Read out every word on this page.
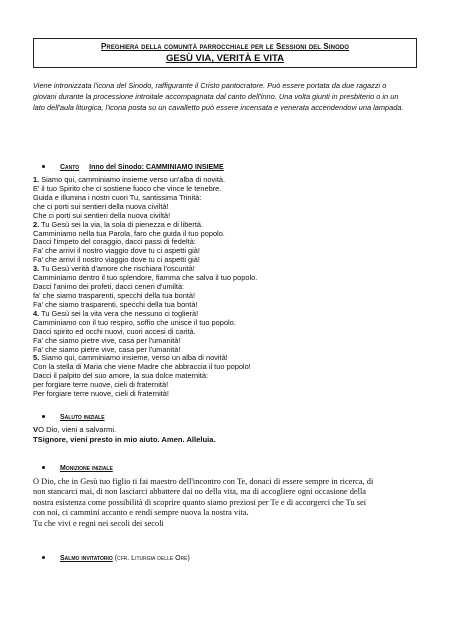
Preghiera della comunità parrocchiale per le Sessioni del Sinodo
GESÙ VIA, VERITÀ E VITA
Viene intronizzata l'icona del Sinodo, raffigurante il Cristo pantocratore. Può essere portata da due ragazzi o
giovani durante la processione introitale accompagnata dal canto dell'inno. Una volta giunti in presbiterio o in un
lato dell'aula liturgica, l'icona posta su un cavalletto può essere incensata e venerata accendendovi una lampada.
Canto Inno del Sinodo: CAMMINIAMO INSIEME
1. Siamo qui, camminiamo insieme verso un'alba di novità.
E' il tuo Spirito che ci sostiene fuoco che vince le tenebre.
Guida e illumina i nostri cuori Tu, santissima Trinità:
che ci porti sui sentieri della nuova civiltà!
Che ci porti sui sentieri della nuova civiltà!
2. Tu Gesù sei la via, la sola di pienezza e di libertà.
Camminiamo nella tua Parola, faro che guida il tuo popolo.
Dacci l'impeto del coraggio, dacci passi di fedeltà:
Fa' che arrivi il nostro viaggio dove tu ci aspetti già!
Fa' che arrivi il nostro viaggio dove tu ci aspetti già!
3. Tu Gesù verità d'amore che rischiara l'oscurità!
Camminiamo dentro il tuo splendore, fiamma che salva il tuo popolo.
Dacci l'animo dei profeti, dacci ceneri d'umiltà:
fa' che siamo trasparenti, specchi della tua bontà!
Fa' che siamo trasparenti, specchi della tua bontà!
4. Tu Gesù sei la vita vera che nessuno ci toglierà!
Camminiamo con il tuo respiro, soffio che unisce il tuo popolo.
Dacci spirito ed occhi nuovi, cuori accesi di carità.
Fa' che siamo pietre vive, casa per l'umanità!
Fa' che siamo pietre vive, casa per l'umanità!
5. Siamo qui, camminiamo insieme, verso un alba di novità!
Con la stella di Maria che viene Madre che abbraccia il tuo popolo!
Dacci il palpito del suo amore, la sua dolce maternità:
per forgiare terre nuove, cieli di fraternità!
Per forgiare terre nuove, cieli di fraternità!
Saluto iniziale
VO Dio, vieni a salvarmi.
TSignore, vieni presto in mio aiuto. Amen. Alleluia.
Monizione iniziale
O Dio, che in Gesù tuo figlio ti fai maestro dell'incontro con Te, donaci di essere sempre in ricerca, di
non stancarci mai, di non lasciarci abbattere dai no della vita, ma di accogliere ogni occasione della
nostra esistenza come possibilità di scoprire quanto siamo preziosi per Te e di accorgerci che Tu sei
con noi, ci cammini accanto e rendi sempre nuova la nostra vita.
Tu che vivi e regni nei secoli dei secoli
Salmo invitatorio (cfr. Liturgia delle Ore)
